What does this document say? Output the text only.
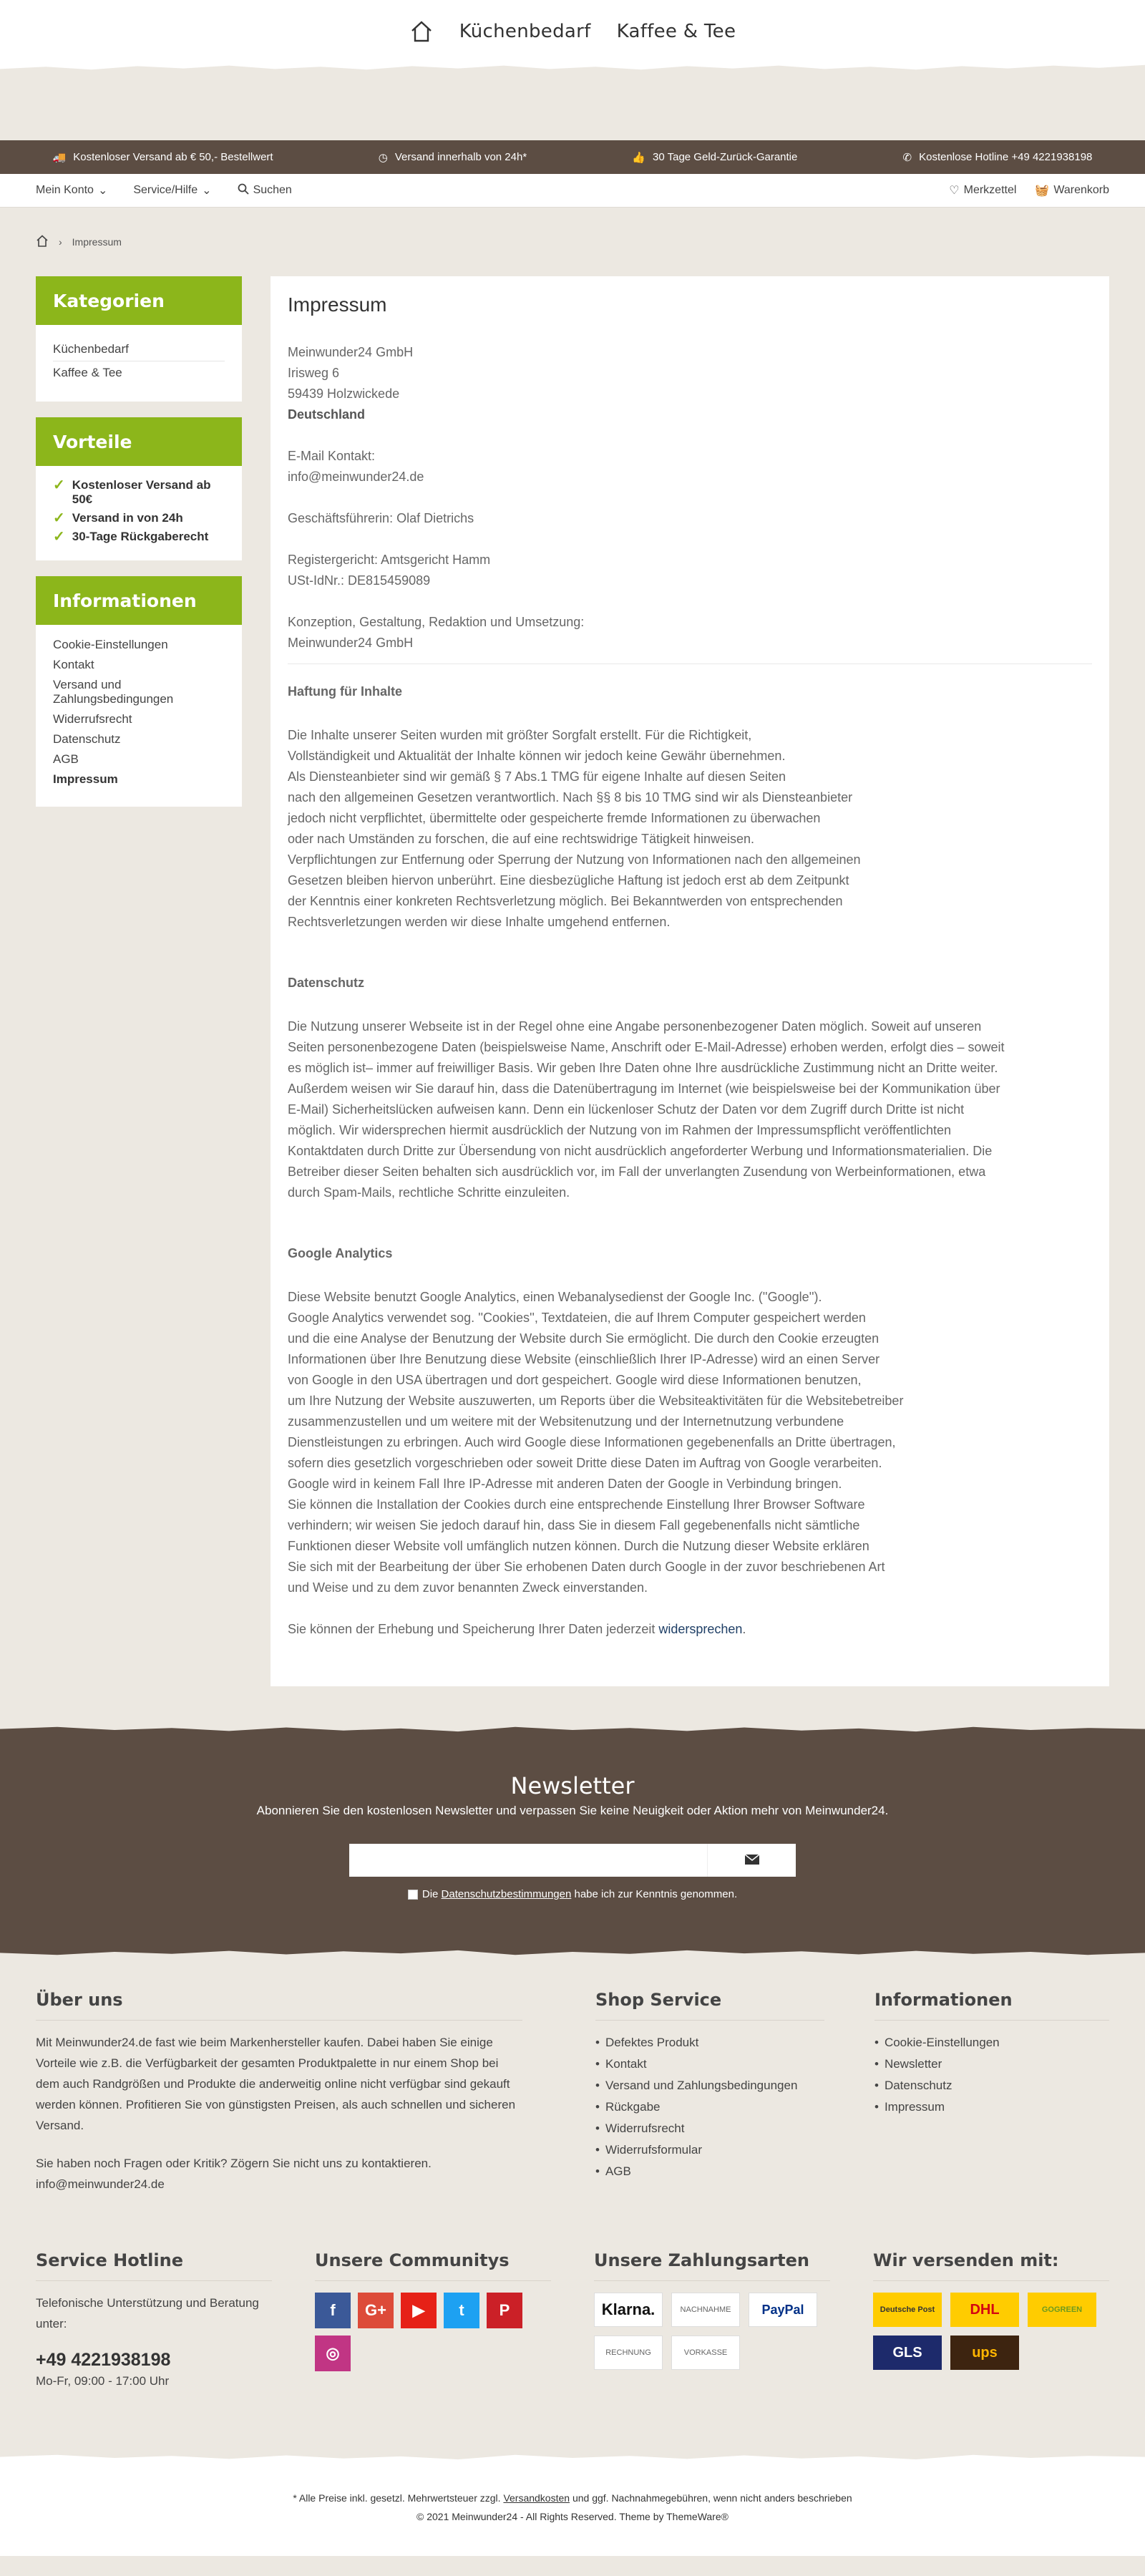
Küchenbedarf Kaffee & Tee
🚚 Kostenloser Versand ab € 50,- Bestellwert	◷ Versand innerhalb von 24h*	👍 30 Tage Geld-Zurück-Garantie	✆ Kostenlose Hotline +49 4221938198
Mein Konto ⌄ Service/Hilfe ⌄	Suchen	♡ Merkzettel 🧺 Warenkorb
› Impressum
Kategorien
Küchenbedarf
Kaffee & Tee
Vorteile
✓ Kostenloser Versand ab 50€
✓ Versand in von 24h
✓ 30-Tage Rückgaberecht
Informationen
Cookie-Einstellungen
Kontakt
Versand und Zahlungsbedingungen
Widerrufsrecht
Datenschutz
AGB
Impressum
Impressum

Meinwunder24 GmbH

Irisweg 6

59439 Holzwickede

Deutschland

E-Mail Kontakt:

info@meinwunder24.de

Geschäftsführerin: Olaf Dietrichs

Registergericht: Amtsgericht Hamm

USt-IdNr.: DE815459089

Konzeption, Gestaltung, Redaktion und Umsetzung:

Meinwunder24 GmbH

Haftung für Inhalte

Die Inhalte unserer Seiten wurden mit größter Sorgfalt erstellt. Für die Richtigkeit,

Vollständigkeit und Aktualität der Inhalte können wir jedoch keine Gewähr übernehmen.

Als Diensteanbieter sind wir gemäß § 7 Abs.1 TMG für eigene Inhalte auf diesen Seiten

nach den allgemeinen Gesetzen verantwortlich. Nach §§ 8 bis 10 TMG sind wir als Diensteanbieter

jedoch nicht verpflichtet, übermittelte oder gespeicherte fremde Informationen zu überwachen

oder nach Umständen zu forschen, die auf eine rechtswidrige Tätigkeit hinweisen.

Verpflichtungen zur Entfernung oder Sperrung der Nutzung von Informationen nach den allgemeinen

Gesetzen bleiben hiervon unberührt. Eine diesbezügliche Haftung ist jedoch erst ab dem Zeitpunkt

der Kenntnis einer konkreten Rechtsverletzung möglich. Bei Bekanntwerden von entsprechenden

Rechtsverletzungen werden wir diese Inhalte umgehend entfernen.

Datenschutz

Die Nutzung unserer Webseite ist in der Regel ohne eine Angabe personenbezogener Daten möglich. Soweit auf unseren

Seiten personenbezogene Daten (beispielsweise Name, Anschrift oder E-Mail-Adresse) erhoben werden, erfolgt dies – soweit

es möglich ist– immer auf freiwilliger Basis. Wir geben Ihre Daten ohne Ihre ausdrückliche Zustimmung nicht an Dritte weiter.

Außerdem weisen wir Sie darauf hin, dass die Datenübertragung im Internet (wie beispielsweise bei der Kommunikation über

E-Mail) Sicherheitslücken aufweisen kann. Denn ein lückenloser Schutz der Daten vor dem Zugriff durch Dritte ist nicht

möglich. Wir widersprechen hiermit ausdrücklich der Nutzung von im Rahmen der Impressumspflicht veröffentlichten

Kontaktdaten durch Dritte zur Übersendung von nicht ausdrücklich angeforderter Werbung und Informationsmaterialien. Die

Betreiber dieser Seiten behalten sich ausdrücklich vor, im Fall der unverlangten Zusendung von Werbeinformationen, etwa

durch Spam-Mails, rechtliche Schritte einzuleiten.

Google Analytics

Diese Website benutzt Google Analytics, einen Webanalysedienst der Google Inc. (''Google'').

Google Analytics verwendet sog. ''Cookies'', Textdateien, die auf Ihrem Computer gespeichert werden

und die eine Analyse der Benutzung der Website durch Sie ermöglicht. Die durch den Cookie erzeugten

Informationen über Ihre Benutzung diese Website (einschließlich Ihrer IP-Adresse) wird an einen Server

von Google in den USA übertragen und dort gespeichert. Google wird diese Informationen benutzen,

um Ihre Nutzung der Website auszuwerten, um Reports über die Websiteaktivitäten für die Websitebetreiber

zusammenzustellen und um weitere mit der Websitenutzung und der Internetnutzung verbundene

Dienstleistungen zu erbringen. Auch wird Google diese Informationen gegebenenfalls an Dritte übertragen,

sofern dies gesetzlich vorgeschrieben oder soweit Dritte diese Daten im Auftrag von Google verarbeiten.

Google wird in keinem Fall Ihre IP-Adresse mit anderen Daten der Google in Verbindung bringen.

Sie können die Installation der Cookies durch eine entsprechende Einstellung Ihrer Browser Software

verhindern; wir weisen Sie jedoch darauf hin, dass Sie in diesem Fall gegebenenfalls nicht sämtliche

Funktionen dieser Website voll umfänglich nutzen können. Durch die Nutzung dieser Website erklären

Sie sich mit der Bearbeitung der über Sie erhobenen Daten durch Google in der zuvor beschriebenen Art

und Weise und zu dem zuvor benannten Zweck einverstanden.

Sie können der Erhebung und Speicherung Ihrer Daten jederzeit widersprechen.

Newsletter

Abonnieren Sie den kostenlosen Newsletter und verpassen Sie keine Neuigkeit oder Aktion mehr von Meinwunder24.

Die Datenschutzbestimmungen habe ich zur Kenntnis genommen.
Über uns

Mit Meinwunder24.de fast wie beim Markenhersteller kaufen. Dabei haben Sie einige Vorteile wie z.B. die Verfügbarkeit der gesamten Produktpalette in nur einem Shop bei dem auch Randgrößen und Produkte die anderweitig online nicht verfügbar sind gekauft werden können. Profitieren Sie von günstigsten Preisen, als auch schnellen und sicheren Versand.

Sie haben noch Fragen oder Kritik? Zögern Sie nicht uns zu kontaktieren.

info@meinwunder24.de

Shop Service
• Defektes Produkt
• Kontakt
• Versand und Zahlungsbedingungen
• Rückgabe
• Widerrufsrecht
• Widerrufsformular
• AGB
Informationen
• Cookie-Einstellungen
• Newsletter
• Datenschutz
• Impressum
Service Hotline

Telefonische Unterstützung und Beratung unter:

+49 4221938198

Mo-Fr, 09:00 - 17:00 Uhr

Unsere Communitys
f	G+	▶	t	P
◎
Unsere Zahlungsarten
Klarna.	NACHNAHME	PayPal
RECHNUNG	VORKASSE
Wir versenden mit:
Deutsche Post	DHL	GOGREEN
GLS	ups

* Alle Preise inkl. gesetzl. Mehrwertsteuer zzgl. Versandkosten und ggf. Nachnahmegebühren, wenn nicht anders beschrieben

© 2021 Meinwunder24 - All Rights Reserved. Theme by ThemeWare®
